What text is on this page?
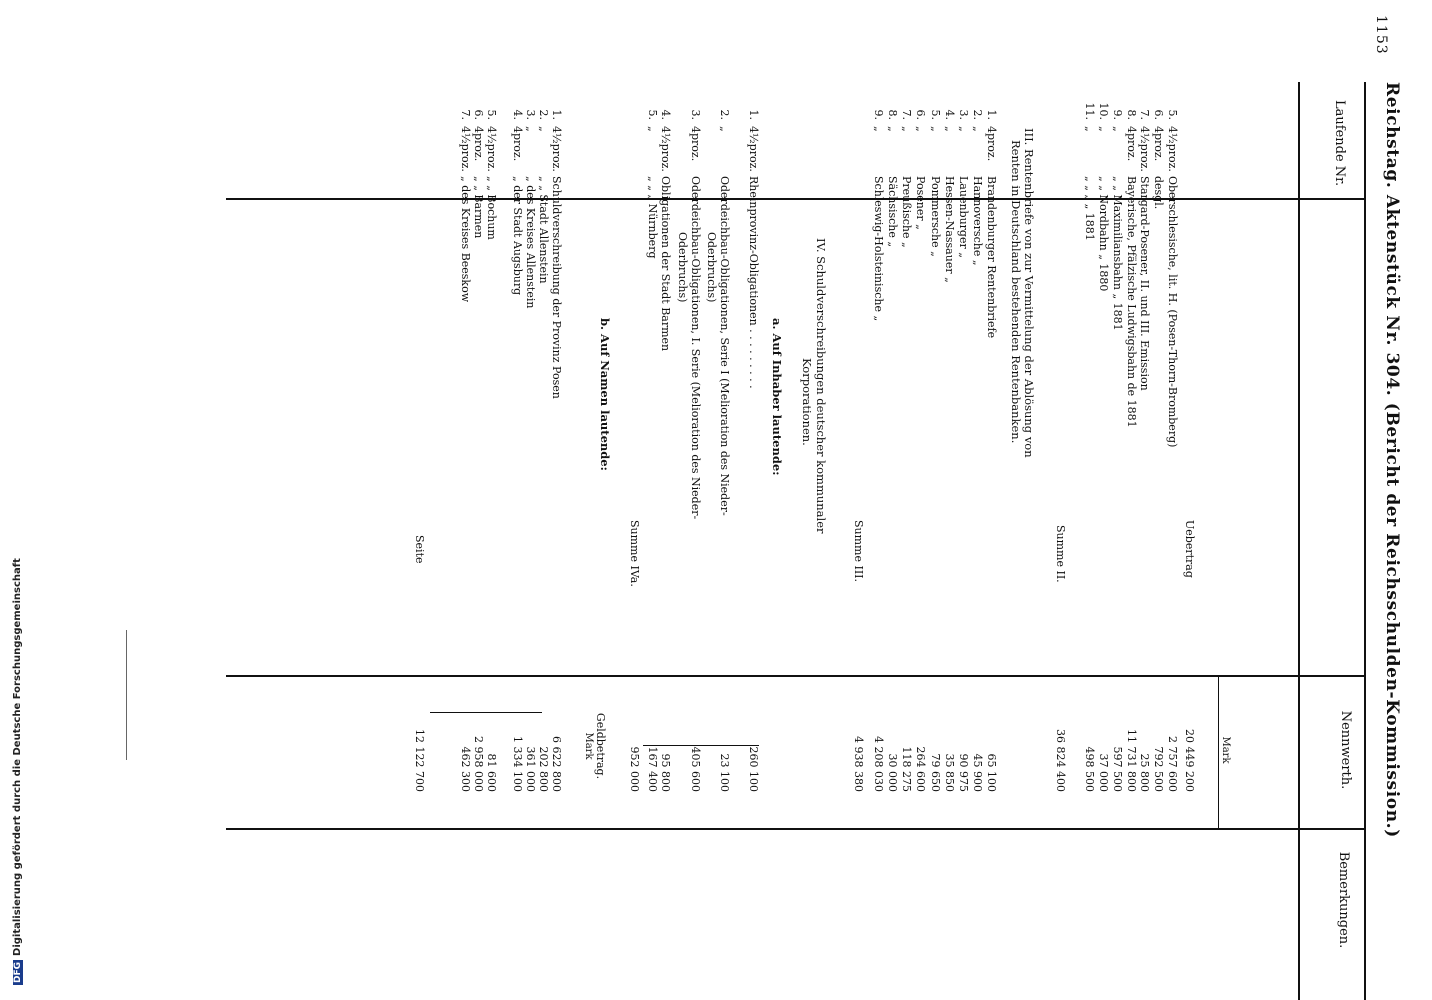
DFGDigitalisierung gefördert durch die Deutsche Forschungsgemeinschaft
1153
Reichstag. Aktenstück Nr. 304. (Bericht der Reichsschulden-Kommission.)
Laufende Nr.
Nennwerth.
Mark
Bemerkungen.
Uebertrag
20 449 200
5.
4½proz.
Oberschlesische, lit. H. (Posen-Thorn-Bromberg)
2 757 600
6.
4proz.
desgl.
792 500
7.
4½proz.
Stargard-Posener, II. und III. Emission
25 800
8.
4proz.
Bayerische, Pfälzische Ludwigsbahn de 1881
11 731 800
9.
„
„ „ Maximiliansbahn „ 1881
597 500
10.
„
„ „ Nordbahn „ 1880
37 000
11.
„
„ „ „ „ 1881
498 500
Summe II.
36 824 400
III. Rentenbriefe von zur Vermittelung der Ablösung von
Renten in Deutschland bestehenden Rentenbanken.
1.
4proz.
Brandenburger Rentenbriefe
65 100
2.
„
Hannoversche „
45 900
3.
„
Lauenburger „
90 975
4.
„
Hessen-Nassauer „
35 850
5.
„
Pommersche „
79 650
6.
„
Posener „
264 600
7.
„
Preußische „
118 275
8.
„
Sächsische „
30 000
9.
„
Schleswig-Holsteinische „
4 208 030
Summe III.
4 938 380
IV. Schuldverschreibungen deutscher kommunaler
Korporationen.
a. Auf Inhaber lautende:
1.
4½proz.
Rheinprovinz-Obligationen . . . . . . . . .
260 100
2.
„
Oderdeichbau-Obligationen, Serie I (Melioration des Nieder-
Oderbruchs)
23 100
3.
4proz.
Oderdeichbau-Obligationen, I. Serie (Melioration des Nieder-
Oderbruchs)
405 600
4.
4½proz.
Obligationen der Stadt Barmen
95 800
5.
„
„ „ „ Nürnberg
167 400
Summe IVa.
952 000
b. Auf Namen lautende:
Geldbetrag.
Mark
1.
4½proz.
Schuldverschreibung der Provinz Posen
6 622 800
2.
„
„ „ Stadt Allenstein
202 800
3.
„
„ des Kreises Allenstein
361 000
4.
4proz.
„ der Stadt Augsburg
1 334 100
5.
4½proz.
„ „ Bochum
81 600
6.
4proz.
„ „ Barmen
2 958 000
7.
4½proz.
„ des Kreises Beeskow
462 300
Seite
12 122 700
